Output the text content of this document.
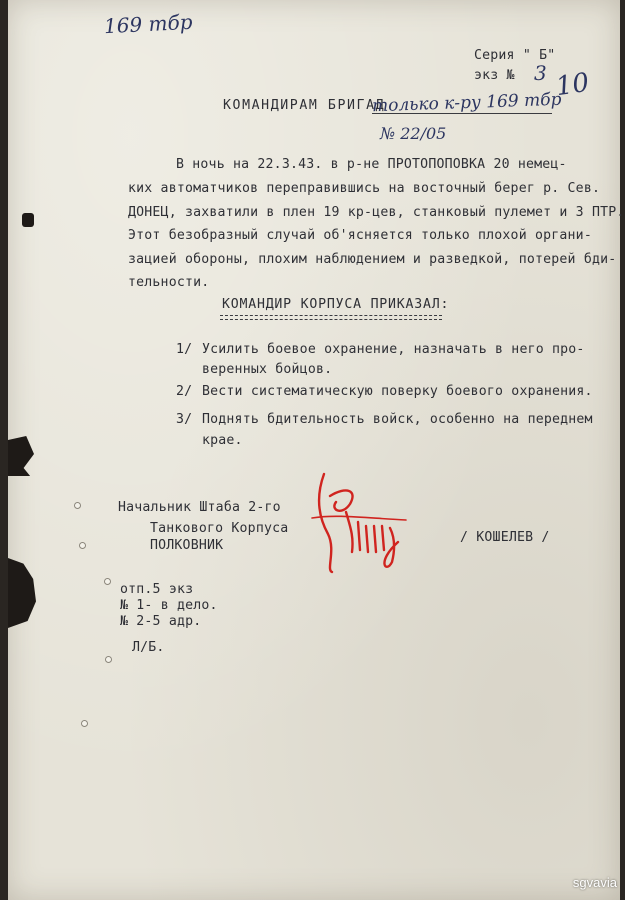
169 тбр
Серия " Б"
экз № 3 10
КОМАНДИРАМ БРИГАД
только к-ру 169 тбр
№ 22/05
В ночь на 22.3.43. в р-не ПРОТОПОПОВКА 20 немец-
ких автоматчиков переправившись на восточный берег р. Сев.
ДОНЕЦ, захватили в плен 19 кр-цев, станковый пулемет и 3 ПТР.
Этот безобразный случай об'ясняется только плохой органи-
зацией обороны, плохим наблюдением и разведкой, потерей бди-
тельности.
КОМАНДИР КОРПУСА ПРИКАЗАЛ:
1/ Усилить боевое охранение, назначать в него про-
веренных бойцов.
2/ Вести систематическую поверку боевого охранения.
3/ Поднять бдительность войск, особенно на переднем
крае.
Начальник Штаба 2-го
Танкового Корпуса
ПОЛКОВНИК
/ КОШЕЛЕВ /
отп.5 экз
№ 1- в дело.
№ 2-5 адр.
Л/Б.
sgvavia
